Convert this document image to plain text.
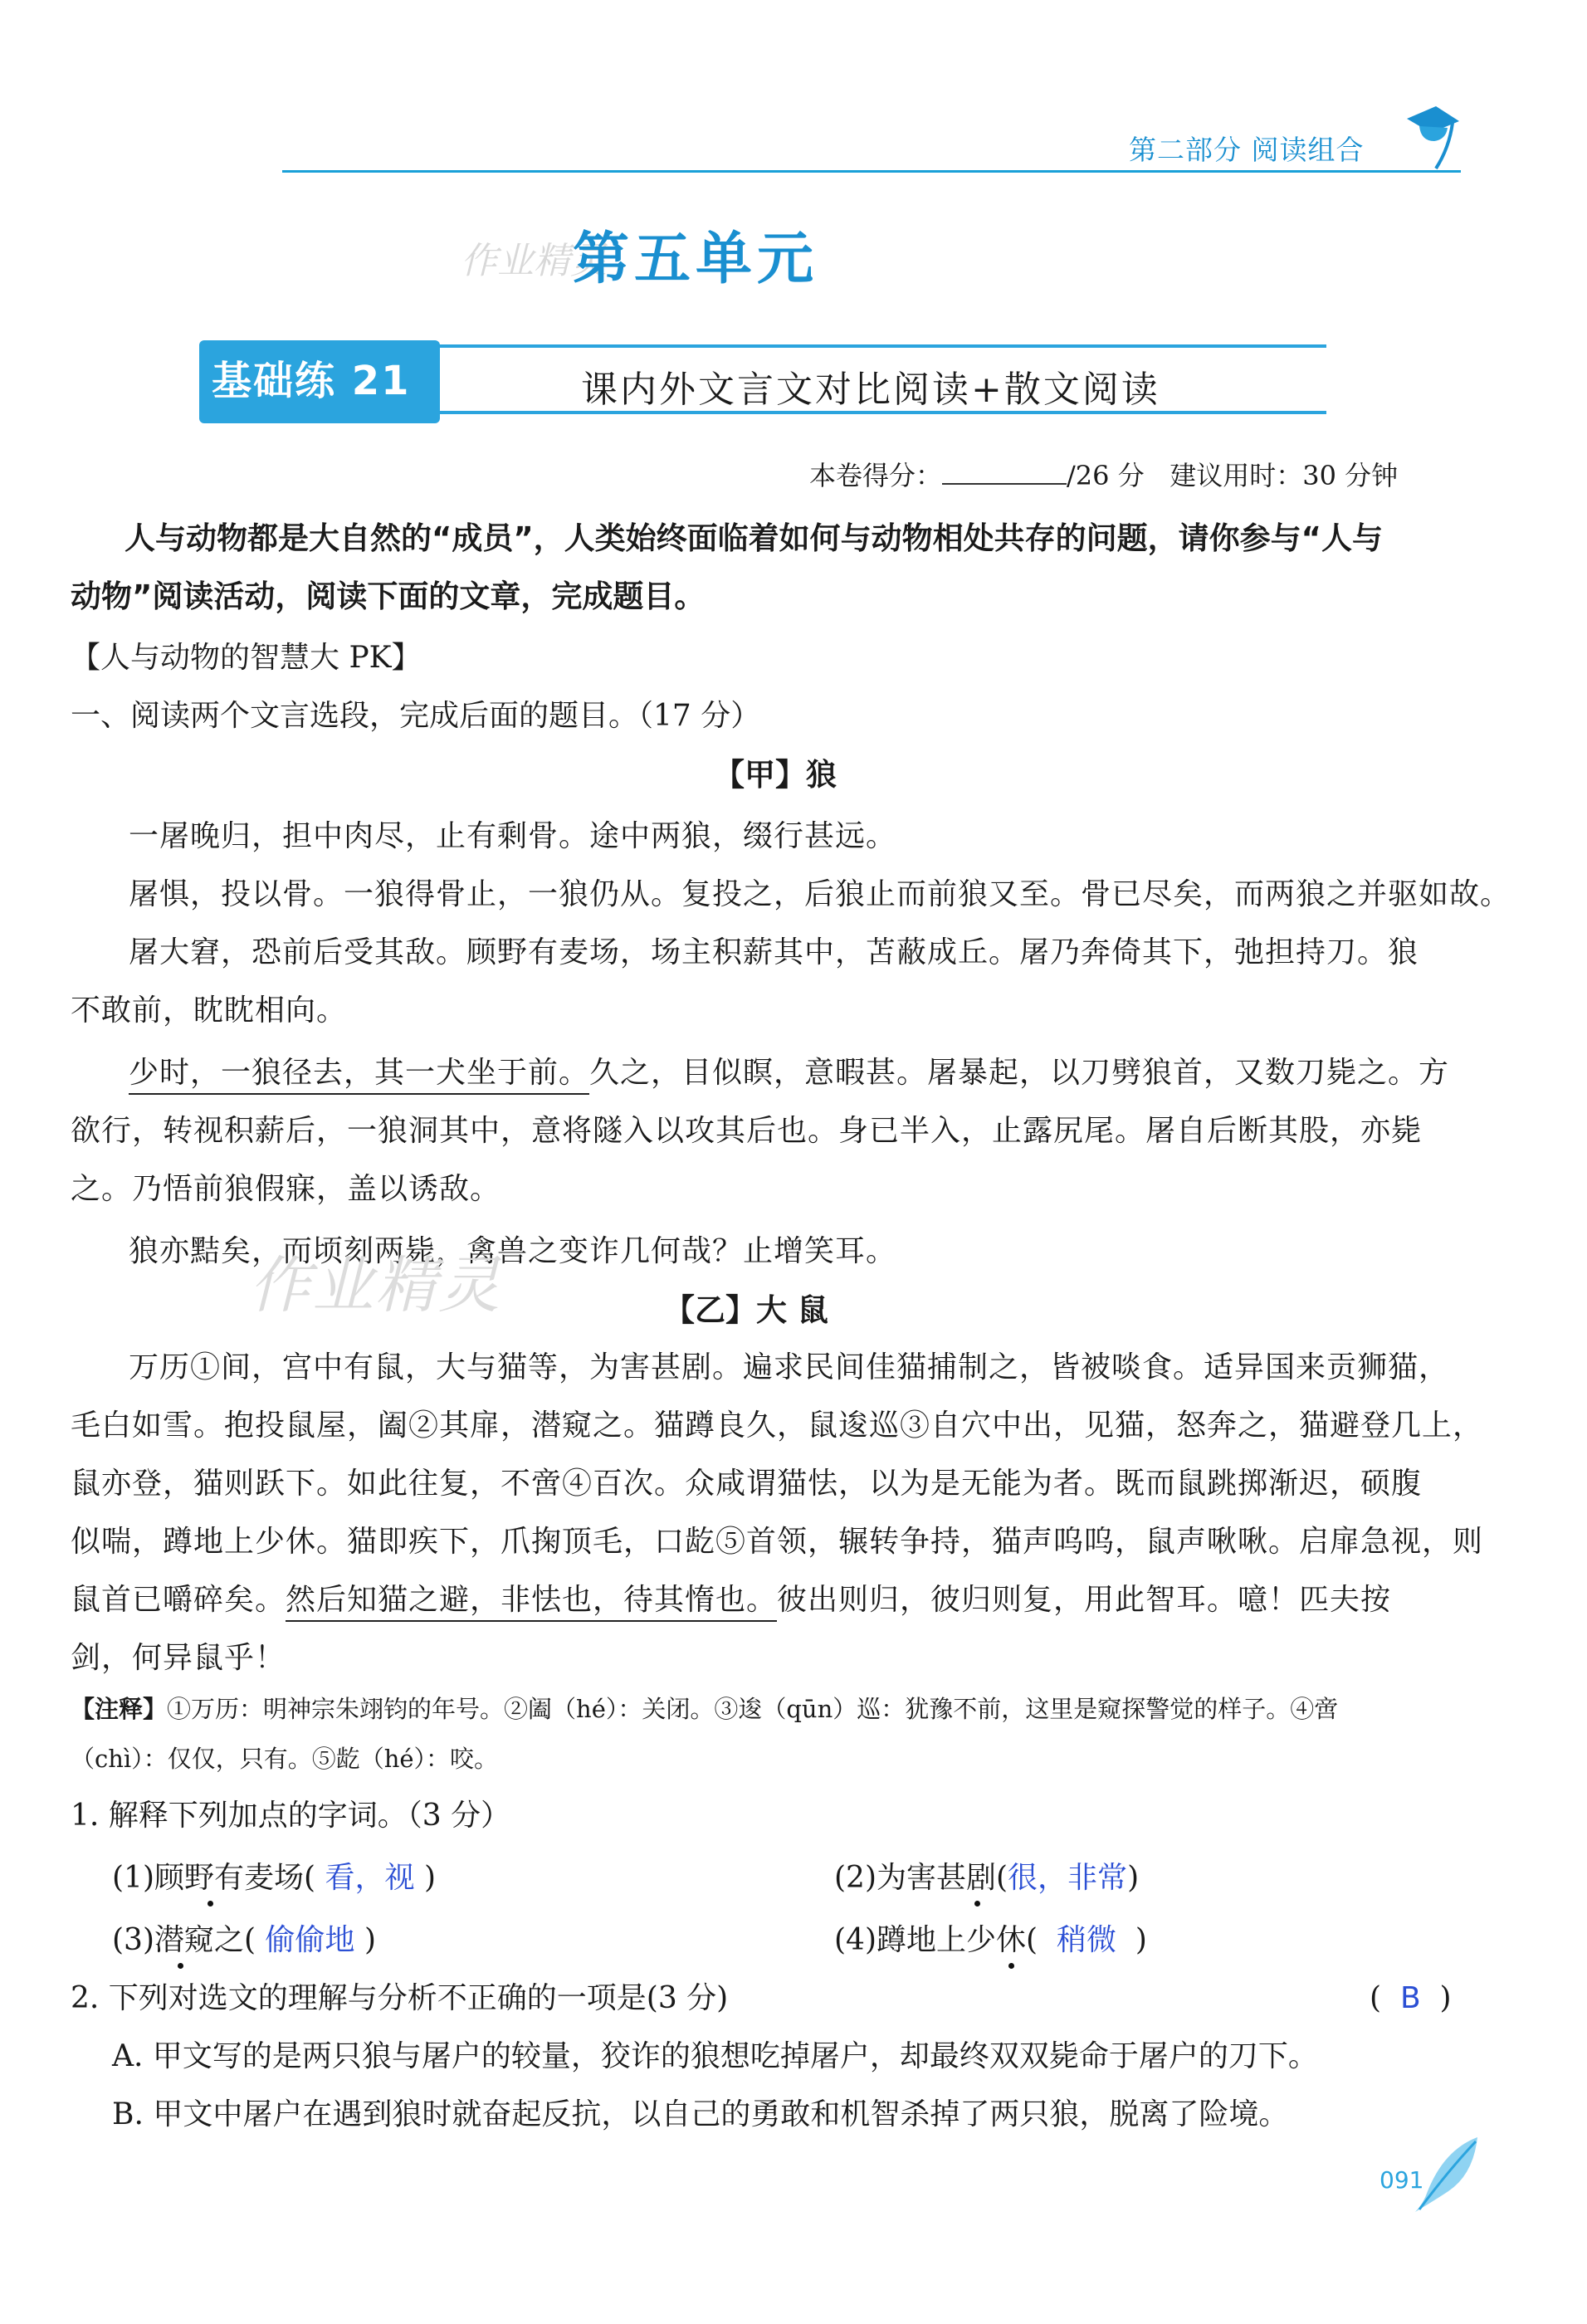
第二部分 阅读组合
作业精灵
第五单元
基础练 21	课内外文言文对比阅读+散文阅读
本卷得分：	/26 分 建议用时：30 分钟
人与动物都是大自然的“成员”，人类始终面临着如何与动物相处共存的问题，请你参与“人与
动物”阅读活动，阅读下面的文章，完成题目。
【人与动物的智慧大 PK】
一、阅读两个文言选段，完成后面的题目。（17 分）
【甲】狼
一屠晚归，担中肉尽，止有剩骨。途中两狼，缀行甚远。
屠惧，投以骨。一狼得骨止，一狼仍从。复投之，后狼止而前狼又至。骨已尽矣，而两狼之并驱如故。
屠大窘，恐前后受其敌。顾野有麦场，场主积薪其中，苫蔽成丘。屠乃奔倚其下，弛担持刀。狼
不敢前，眈眈相向。
少时，一狼径去，其一犬坐于前。久之，目似瞑，意暇甚。屠暴起，以刀劈狼首，又数刀毙之。方
欲行，转视积薪后，一狼洞其中，意将隧入以攻其后也。身已半入，止露尻尾。屠自后断其股，亦毙
之。乃悟前狼假寐，盖以诱敌。
狼亦黠矣，而顷刻两毙，禽兽之变诈几何哉？止增笑耳。
作业精灵	【乙】大 鼠
万历①间，宫中有鼠，大与猫等，为害甚剧。遍求民间佳猫捕制之，皆被啖食。适异国来贡狮猫，
毛白如雪。抱投鼠屋，阖②其扉，潜窥之。猫蹲良久，鼠逡巡③自穴中出，见猫，怒奔之，猫避登几上，
鼠亦登，猫则跃下。如此往复，不啻④百次。众咸谓猫怯，以为是无能为者。既而鼠跳掷渐迟，硕腹
似喘，蹲地上少休。猫即疾下，爪掬顶毛，口龁⑤首领，辗转争持，猫声呜呜，鼠声啾啾。启扉急视，则
鼠首已嚼碎矣。然后知猫之避，非怯也，待其惰也。彼出则归，彼归则复，用此智耳。噫！匹夫按
剑，何异鼠乎！
【注释】①万历：明神宗朱翊钧的年号。②阖（hé）：关闭。③逡（qūn）巡：犹豫不前，这里是窥探警觉的样子。④啻
（chì）：仅仅，只有。⑤龁（hé）：咬。
1. 解释下列加点的字词。（3 分）
(1)顾野有麦场( 看，视 )	(2)为害甚剧(很，非常)
(3)潜窥之( 偷偷地 )	(4)蹲地上少休( 稍微 )
2. 下列对选文的理解与分析不正确的一项是(3 分)	( B )
A. 甲文写的是两只狼与屠户的较量，狡诈的狼想吃掉屠户，却最终双双毙命于屠户的刀下。
B. 甲文中屠户在遇到狼时就奋起反抗，以自己的勇敢和机智杀掉了两只狼，脱离了险境。
091
